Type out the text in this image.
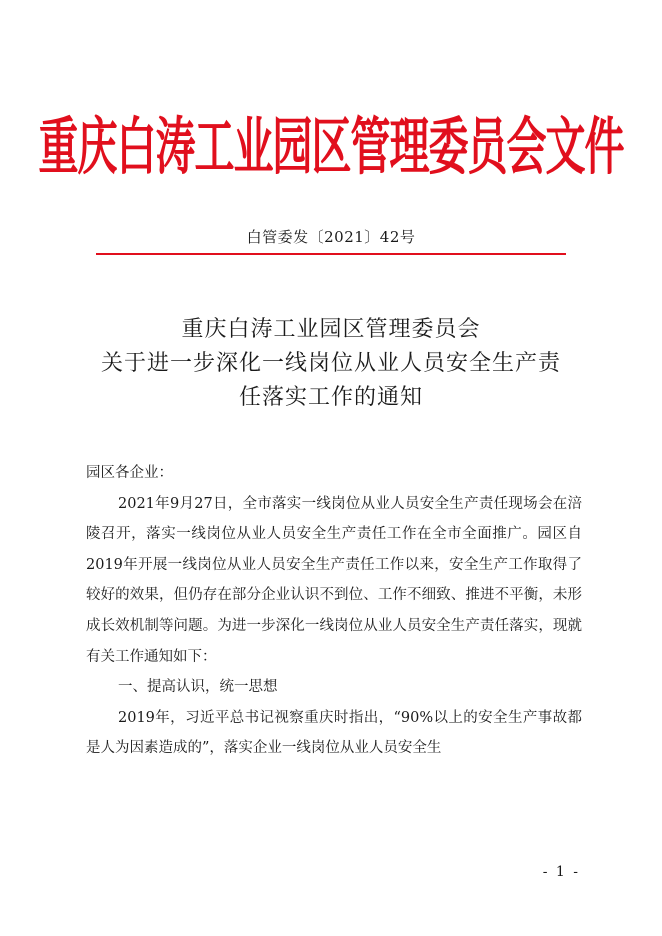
重庆白涛工业园区管理委员会文件
白管委发〔2021〕42号
重庆白涛工业园区管理委员会
关于进一步深化一线岗位从业人员安全生产责
任落实工作的通知

园区各企业：

2021年9月27日，全市落实一线岗位从业人员安全生产责任现场会在涪陵召开，落实一线岗位从业人员安全生产责任工作在全市全面推广。园区自2019年开展一线岗位从业人员安全生产责任工作以来，安全生产工作取得了较好的效果，但仍存在部分企业认识不到位、工作不细致、推进不平衡，未形成长效机制等问题。为进一步深化一线岗位从业人员安全生产责任落实，现就有关工作通知如下：

一、提高认识，统一思想

2019年，习近平总书记视察重庆时指出，“90%以上的安全生产事故都是人为因素造成的”，落实企业一线岗位从业人员安全生

- 1 -
